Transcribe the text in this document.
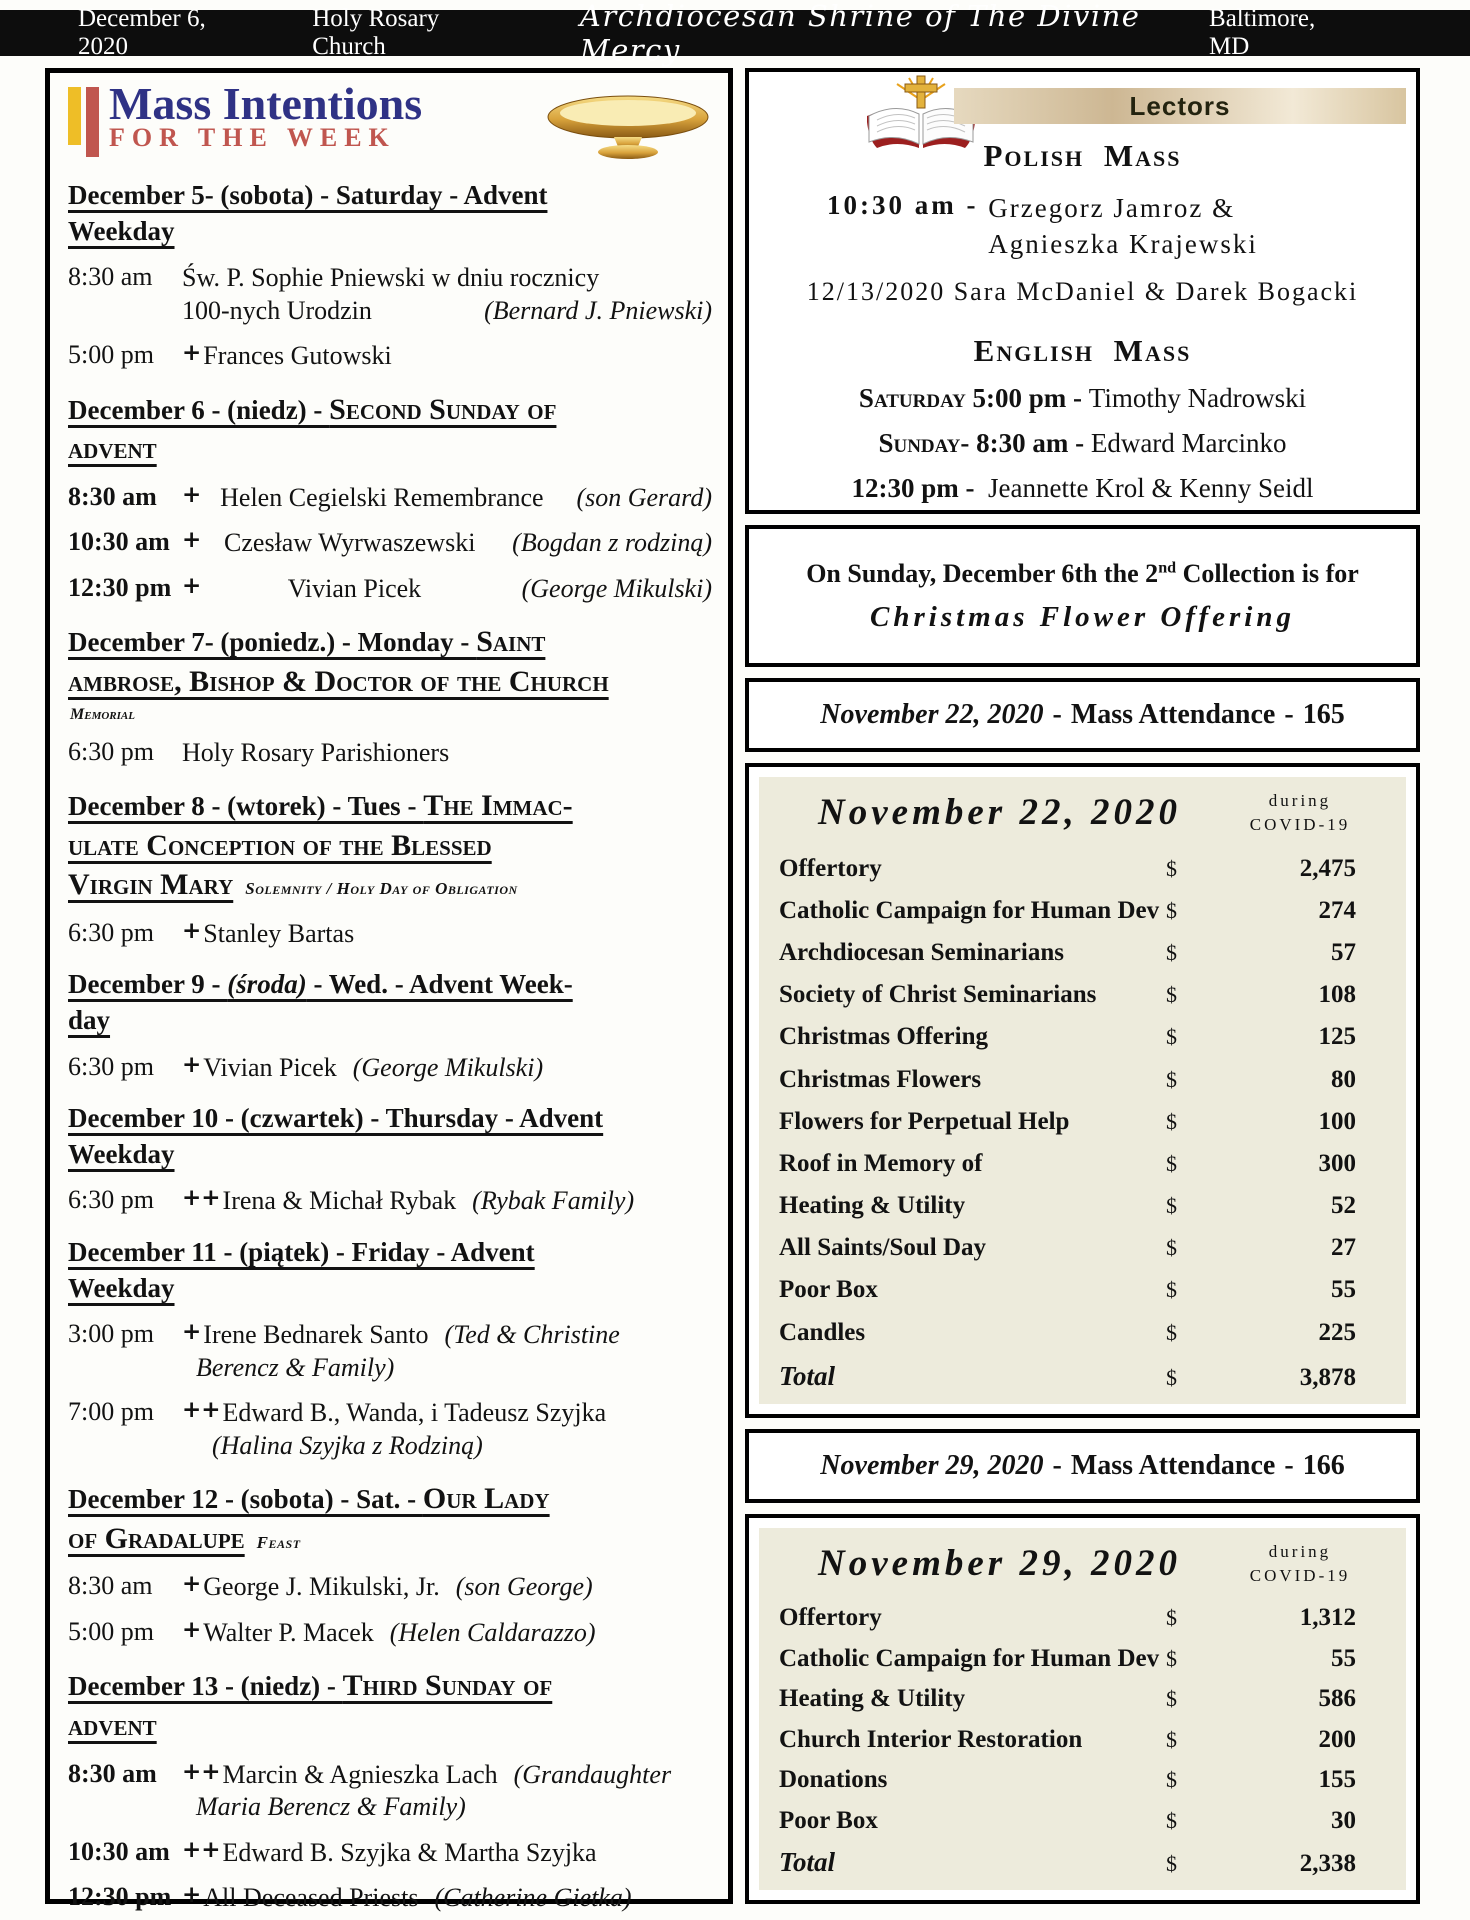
December 6, 2020
Holy Rosary Church
Archdiocesan Shrine of The Divine Mercy
Baltimore, MD
Mass Intentions
FOR THE WEEK
December 5- (sobota) - Saturday - Advent
Weekday
8:30 am	Św. P. Sophie Pniewski w dniu rocznicy
100-nych Urodzin	(Bernard J. Pniewski)
5:00 pm	+ Frances Gutowski
December 6 - (niedz) - Second Sunday of
advent
8:30 am	+ Helen Cegielski Remembrance (son Gerard)
10:30 am + Czesław Wyrwaszewski (Bogdan z rodziną)
12:30 pm +	Vivian Picek	(George Mikulski)
December 7- (poniedz.) - Monday - Saint
ambrose, Bishop & Doctor of the Church
Memorial
6:30 pm	Holy Rosary Parishioners
December 8 - (wtorek) - Tues - The Immac-
ulate Conception of the Blessed
Virgin Mary Solemnity / Holy Day of Obligation
6:30 pm	+ Stanley Bartas
December 9 - (środa) - Wed. - Advent Week-
day
6:30 pm	+ Vivian Picek (George Mikulski)
December 10 - (czwartek) - Thursday - Advent
Weekday
6:30 pm	++ Irena & Michał Rybak (Rybak Family)
December 11 - (piątek) - Friday - Advent
Weekday
3:00 pm	+ Irene Bednarek Santo (Ted & Christine
Berencz & Family)
7:00 pm	++ Edward B., Wanda, i Tadeusz Szyjka
(Halina Szyjka z Rodziną)
December 12 - (sobota) - Sat. - Our Lady
of Gradalupe Feast
8:30 am	+ George J. Mikulski, Jr. (son George)
5:00 pm	+ Walter P. Macek (Helen Caldarazzo)
December 13 - (niedz) - Third Sunday of
advent
8:30 am	++ Marcin & Agnieszka Lach (Grandaughter
Maria Berencz & Family)
10:30 am ++ Edward B. Szyjka & Martha Szyjka
12:30 pm + All Deceased Priests (Catherine Gietka)
Lectors
Polish Mass
10:30 am - Grzegorz Jamroz &
Agnieszka Krajewski
12/13/2020 Sara McDaniel & Darek Bogacki
English Mass
Saturday 5:00 pm - Timothy Nadrowski
Sunday- 8:30 am - Edward Marcinko
12:30 pm -  Jeannette Krol & Kenny Seidl
On Sunday, December 6th the 2nd Collection is for
Christmas Flower Offering
November 22, 2020 - Mass Attendance - 165
November 22, 2020	during
COVID-19
Offertory	$	2,475
Catholic Campaign for Human Dev $	274
Archdiocesan Seminarians	$	57
Society of Christ Seminarians	$	108
Christmas Offering	$	125
Christmas Flowers	$	80
Flowers for Perpetual Help	$	100
Roof in Memory of	$	300
Heating & Utility	$	52
All Saints/Soul Day	$	27
Poor Box	$	55
Candles	$	225
Total	$	3,878
November 29, 2020 - Mass Attendance - 166
November 29, 2020	during
COVID-19
Offertory	$	1,312
Catholic Campaign for Human Dev $	55
Heating & Utility	$	586
Church Interior Restoration	$	200
Donations	$	155
Poor Box	$	30
Total	$	2,338
